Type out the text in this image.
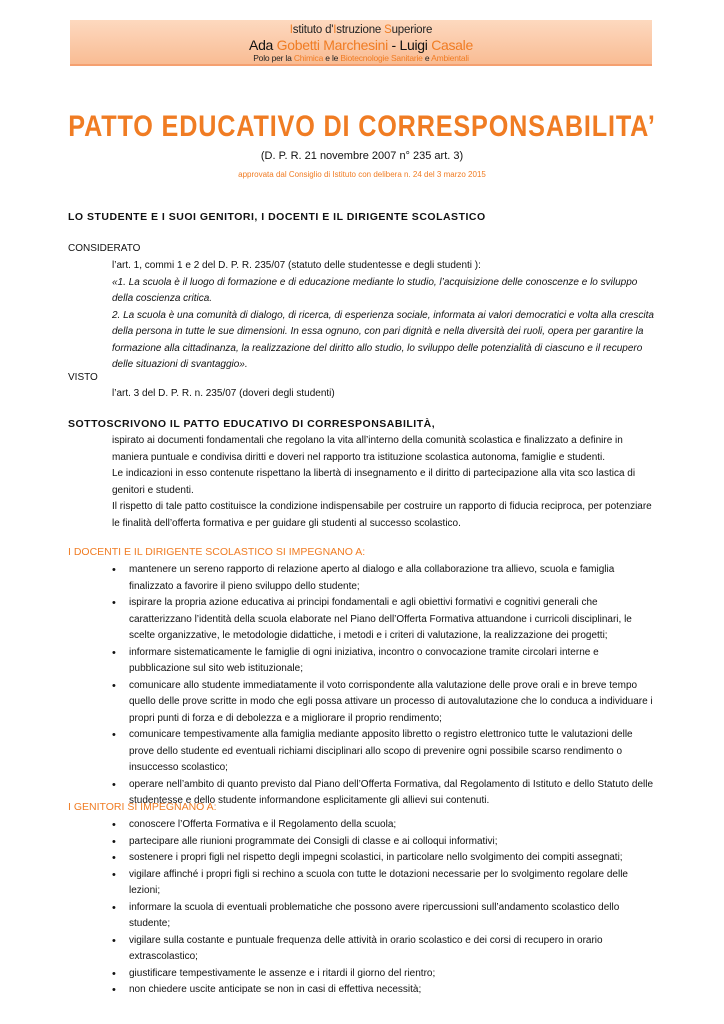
Istituto d'Istruzione Superiore
Ada Gobetti Marchesini - Luigi Casale
Polo per la Chimica e le Biotecnologie Sanitarie e Ambientali
PATTO EDUCATIVO DI CORRESPONSABILITA’
(D. P. R. 21 novembre 2007 n° 235 art. 3)
approvata dal Consiglio di Istituto con delibera n. 24 del 3 marzo 2015
LO STUDENTE E I SUOI GENITORI, I DOCENTI E IL DIRIGENTE SCOLASTICO
CONSIDERATO

l’art. 1, commi 1 e 2 del D. P. R. 235/07 (statuto delle studentesse e degli studenti ):

«1. La scuola è il luogo di formazione e di educazione mediante lo studio, l’acquisizione delle conoscenze e lo sviluppo della coscienza critica.

2. La scuola è una comunità di dialogo, di ricerca, di esperienza sociale, informata ai valori democratici e volta alla crescita della persona in tutte le sue dimensioni. In essa ognuno, con pari dignità e nella diversità dei ruoli, opera per garantire la formazione alla cittadinanza, la realizzazione del diritto allo studio, lo sviluppo delle potenzialità di ciascuno e il recupero delle situazioni di svantaggio».

VISTO

l’art. 3 del D. P. R. n. 235/07 (doveri degli studenti)

SOTTOSCRIVONO IL PATTO EDUCATIVO DI CORRESPONSABILITÀ,

ispirato ai documenti fondamentali che regolano la vita all’interno della comunità scolastica e finalizzato a definire in maniera puntuale e condivisa diritti e doveri nel rapporto tra istituzione scolastica autonoma, famiglie e studenti.

Le indicazioni in esso contenute rispettano la libertà di insegnamento e il diritto di partecipazione alla vita sco lastica di genitori e studenti.

Il rispetto di tale patto costituisce la condizione indispensabile per costruire un rapporto di fiducia reciproca, per potenziare le finalità dell’offerta formativa e per guidare gli studenti al successo scolastico.

I DOCENTI E IL DIRIGENTE SCOLASTICO SI IMPEGNANO A:
• mantenere un sereno rapporto di relazione aperto al dialogo e alla collaborazione tra allievo, scuola e famiglia finalizzato a favorire il pieno sviluppo dello studente;
• ispirare la propria azione educativa ai principi fondamentali e agli obiettivi formativi e cognitivi generali che caratterizzano l’identità della scuola elaborate nel Piano dell’Offerta Formativa attuandone i curricoli disciplinari, le scelte organizzative, le metodologie didattiche, i metodi e i criteri di valutazione, la realizzazione dei progetti;
• informare sistematicamente le famiglie di ogni iniziativa, incontro o convocazione tramite circolari interne e pubblicazione sul sito web istituzionale;
• comunicare allo studente immediatamente il voto corrispondente alla valutazione delle prove orali e in breve tempo quello delle prove scritte in modo che egli possa attivare un processo di autovalutazione che lo conduca a individuare i propri punti di forza e di debolezza e a migliorare il proprio rendimento;
• comunicare tempestivamente alla famiglia mediante apposito libretto o registro elettronico tutte le valutazioni delle prove dello studente ed eventuali richiami disciplinari allo scopo di prevenire ogni possibile scarso rendimento o insuccesso scolastico;
• operare nell’ambito di quanto previsto dal Piano dell’Offerta Formativa, dal Regolamento di Istituto e dello Statuto delle studentesse e dello studente informandone esplicitamente gli allievi sui contenuti.
I GENITORI SI IMPEGNANO A:
• conoscere l’Offerta Formativa e il Regolamento della scuola;
• partecipare alle riunioni programmate dei Consigli di classe e ai colloqui informativi;
• sostenere i propri figli nel rispetto degli impegni scolastici, in particolare nello svolgimento dei compiti assegnati;
• vigilare affinché i propri figli si rechino a scuola con tutte le dotazioni necessarie per lo svolgimento regolare delle lezioni;
• informare la scuola di eventuali problematiche che possono avere ripercussioni sull’andamento scolastico dello studente;
• vigilare sulla costante e puntuale frequenza delle attività in orario scolastico e dei corsi di recupero in orario extrascolastico;
• giustificare tempestivamente le assenze e i ritardi il giorno del rientro;
• non chiedere uscite anticipate se non in casi di effettiva necessità;
